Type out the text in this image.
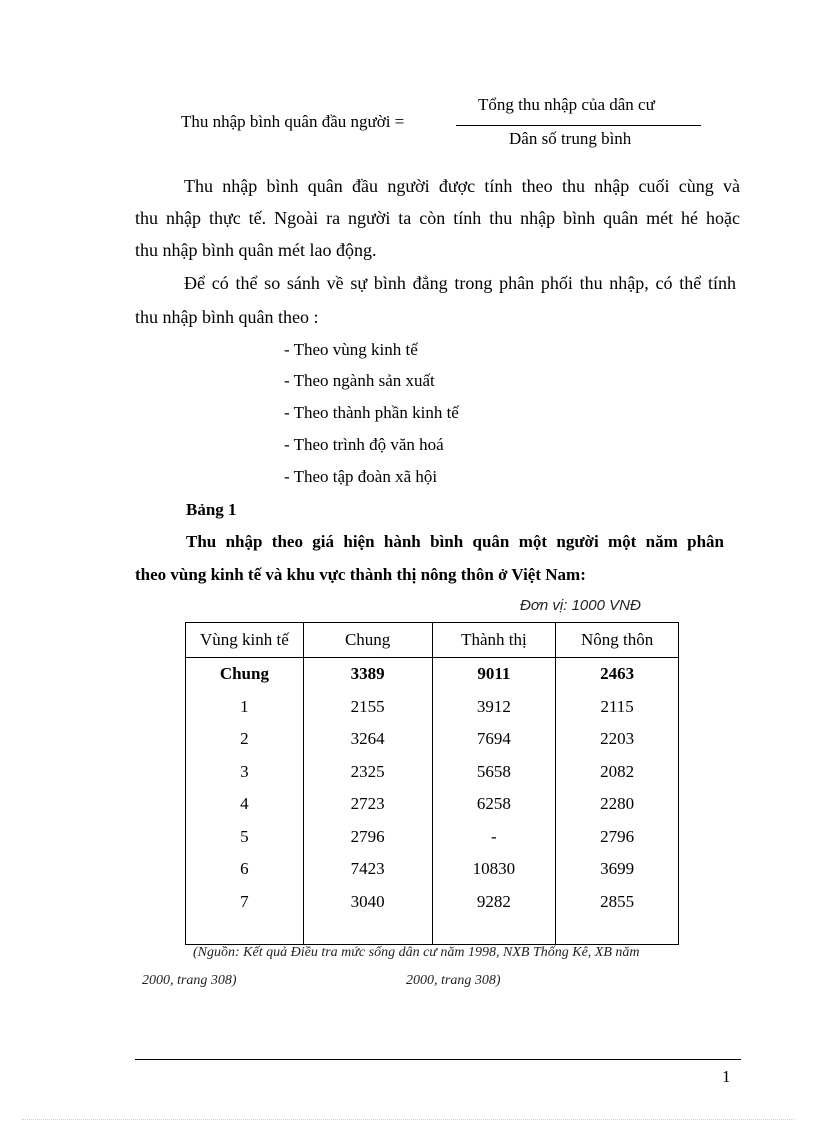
Thu nhập bình quân đầu người =
Tổng thu nhập của dân cư
Dân số trung bình
Thu nhập bình quân đầu người được tính theo thu nhập cuối cùng và
thu nhập thực tế. Ngoài ra người ta còn tính thu nhập bình quân mét hé hoặc
thu nhập bình quân mét lao động.
Để có thể so sánh về sự bình đẳng trong phân phối thu nhập, có thể tính
thu nhập bình quân theo :
- Theo vùng kinh tế
- Theo ngành sản xuất
- Theo thành phần kinh tế
- Theo trình độ văn hoá
- Theo tập đoàn xã hội
Bảng 1
Thu nhập theo giá hiện hành bình quân một người một năm phân
theo vùng kinh tế và khu vực thành thị nông thôn ở Việt Nam:
Đơn vị: 1000 VNĐ
Vùng kinh tế	Chung	Thành thị	Nông thôn
Chung	3389	9011	2463
1	2155	3912	2115
2	3264	7694	2203
3	2325	5658	2082
4	2723	6258	2280
5	2796	-	2796
6	7423	10830	3699
7	3040	9282	2855

(Nguồn: Kết quả Điều tra mức sống dân cư năm 1998, NXB Thống Kê, XB năm
2000, trang 308)	2000, trang 308)
1
